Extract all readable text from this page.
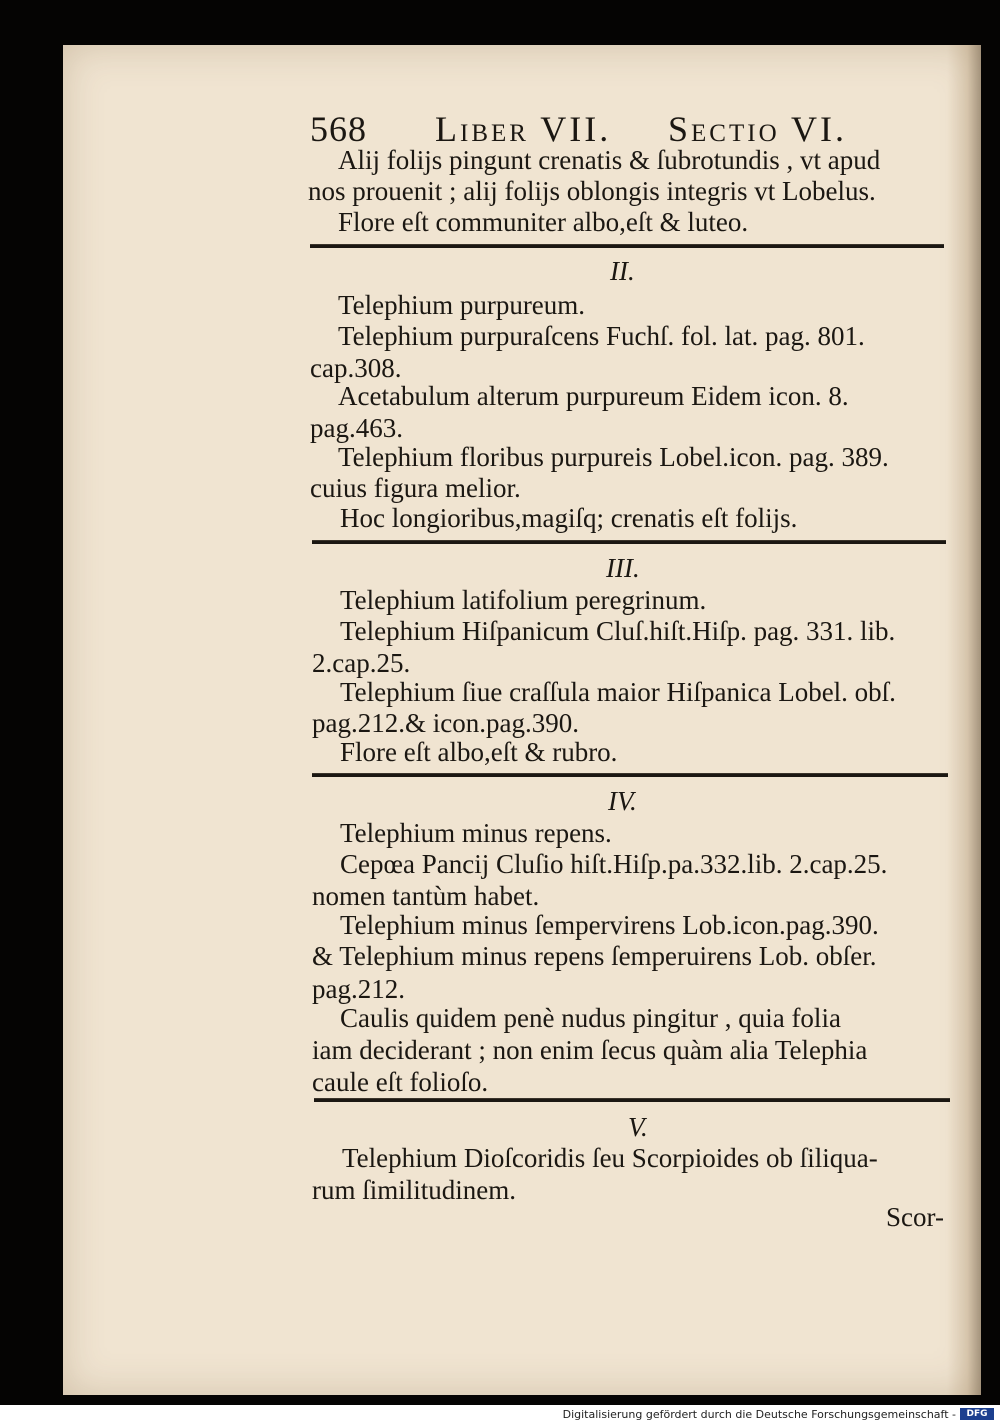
568 Liber VII. Sectio VI.
Alij folijs pingunt crenatis & ſubrotundis , vt apud
nos prouenit ; alij folijs oblongis integris vt Lobelus.
Flore eſt communiter albo,eſt & luteo.
II.
Telephium purpureum.
Telephium purpuraſcens Fuchſ. fol. lat. pag. 801.
cap.308.
Acetabulum alterum purpureum Eidem icon. 8.
pag.463.
Telephium floribus purpureis Lobel.icon. pag. 389.
cuius figura melior.
Hoc longioribus,magiſq; crenatis eſt folijs.
III.
Telephium latifolium peregrinum.
Telephium Hiſpanicum Cluſ.hiſt.Hiſp. pag. 331. lib.
2.cap.25.
Telephium ſiue craſſula maior Hiſpanica Lobel. obſ.
pag.212.& icon.pag.390.
Flore eſt albo,eſt & rubro.
IV.
Telephium minus repens.
Cepœa Pancij Cluſio hiſt.Hiſp.pa.332.lib. 2.cap.25.
nomen tantùm habet.
Telephium minus ſempervirens Lob.icon.pag.390.
& Telephium minus repens ſemperuirens Lob. obſer.
pag.212.
Caulis quidem penè nudus pingitur , quia folia
iam deciderant ; non enim ſecus quàm alia Telephia
caule eſt folioſo.
V.
Telephium Dioſcoridis ſeu Scorpioides ob ſiliqua-
rum ſimilitudinem.
Scor-
Digitalisierung gefördert durch die Deutsche Forschungsgemeinschaft -	DFG
